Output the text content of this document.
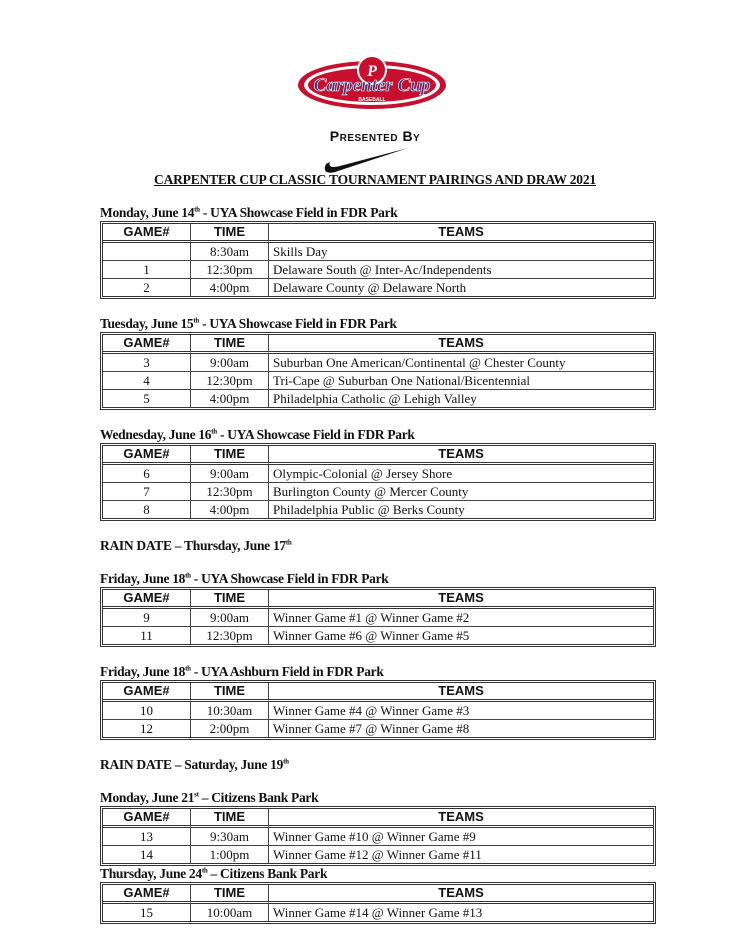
P
Carpenter Cup
BASEBALL
Presented By
CARPENTER CUP CLASSIC TOURNAMENT PAIRINGS AND DRAW 2021
Monday, June 14th - UYA Showcase Field in FDR Park
GAME#	TIME	TEAMS
	8:30am	Skills Day
1	12:30pm	Delaware South @ Inter-Ac/Independents
2	4:00pm	Delaware County @ Delaware North
Tuesday, June 15th - UYA Showcase Field in FDR Park
GAME#	TIME	TEAMS
3	9:00am	Suburban One American/Continental @ Chester County
4	12:30pm	Tri-Cape @ Suburban One National/Bicentennial
5	4:00pm	Philadelphia Catholic @ Lehigh Valley
Wednesday, June 16th - UYA Showcase Field in FDR Park
GAME#	TIME	TEAMS
6	9:00am	Olympic-Colonial @ Jersey Shore
7	12:30pm	Burlington County @ Mercer County
8	4:00pm	Philadelphia Public @ Berks County
RAIN DATE – Thursday, June 17th
Friday, June 18th - UYA Showcase Field in FDR Park
GAME#	TIME	TEAMS
9	9:00am	Winner Game #1 @ Winner Game #2
11	12:30pm	Winner Game #6 @ Winner Game #5
Friday, June 18th - UYA Ashburn Field in FDR Park
GAME#	TIME	TEAMS
10	10:30am	Winner Game #4 @ Winner Game #3
12	2:00pm	Winner Game #7 @ Winner Game #8
RAIN DATE – Saturday, June 19th
Monday, June 21st – Citizens Bank Park
GAME#	TIME	TEAMS
13	9:30am	Winner Game #10 @ Winner Game #9
14	1:00pm	Winner Game #12 @ Winner Game #11
Thursday, June 24th – Citizens Bank Park
GAME#	TIME	TEAMS
15	10:00am	Winner Game #14 @ Winner Game #13
